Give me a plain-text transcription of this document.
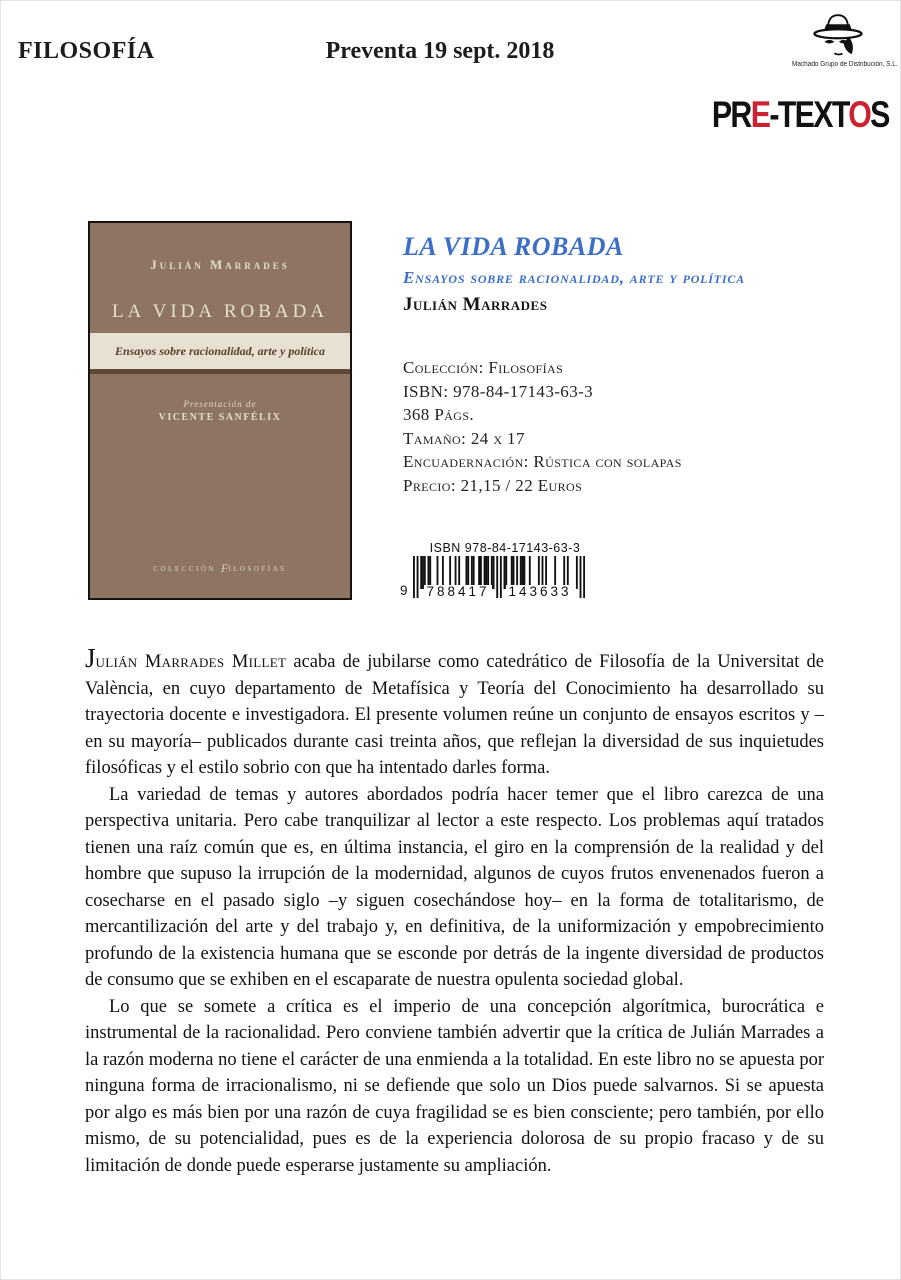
FILOSOFÍA	Preventa 19 sept. 2018
Machado Grupo de Distribución, S.L.
PRE-TEXTOS
Julián Marrades
LA VIDA ROBADA
Ensayos sobre racionalidad, arte y política
Presentación de
VICENTE SANFÉLIX
colección filosofías
LA VIDA ROBADA
Ensayos sobre racionalidad, arte y política
Julián Marrades
Colección: Filosofías
ISBN: 978-84-17143-63-3
368 Págs.
Tamaño: 24 x 17
Encuadernación: Rústica con solapas
Precio: 21,15 / 22 Euros
ISBN 978-84-17143-63-3
9 788417 143633

Julián Marrades Millet acaba de jubilarse como catedrático de Filosofía de la Universitat de València, en cuyo departamento de Metafísica y Teoría del Conocimiento ha desarrollado su trayectoria docente e investigadora. El presente volumen reúne un conjunto de ensayos escritos y –en su mayoría– publicados durante casi treinta años, que reflejan la diversidad de sus inquietudes filosóficas y el estilo sobrio con que ha intentado darles forma.

La variedad de temas y autores abordados podría hacer temer que el libro carezca de una perspectiva unitaria. Pero cabe tranquilizar al lector a este respecto. Los problemas aquí tratados tienen una raíz común que es, en última instancia, el giro en la comprensión de la realidad y del hombre que supuso la irrupción de la modernidad, algunos de cuyos frutos envenenados fueron a cosecharse en el pasado siglo –y siguen cosechándose hoy– en la forma de totalitarismo, de mercantilización del arte y del trabajo y, en definitiva, de la uniformización y empobrecimiento profundo de la existencia humana que se esconde por detrás de la ingente diversidad de productos de consumo que se exhiben en el escaparate de nuestra opulenta sociedad global.

Lo que se somete a crítica es el imperio de una concepción algorítmica, burocrática e instrumental de la racionalidad. Pero conviene también advertir que la crítica de Julián Marrades a la razón moderna no tiene el carácter de una enmienda a la totalidad. En este libro no se apuesta por ninguna forma de irracionalismo, ni se defiende que solo un Dios puede salvarnos. Si se apuesta por algo es más bien por una razón de cuya fragilidad se es bien consciente; pero también, por ello mismo, de su potencialidad, pues es de la experiencia dolorosa de su propio fracaso y de su limitación de donde puede esperarse justamente su ampliación.
